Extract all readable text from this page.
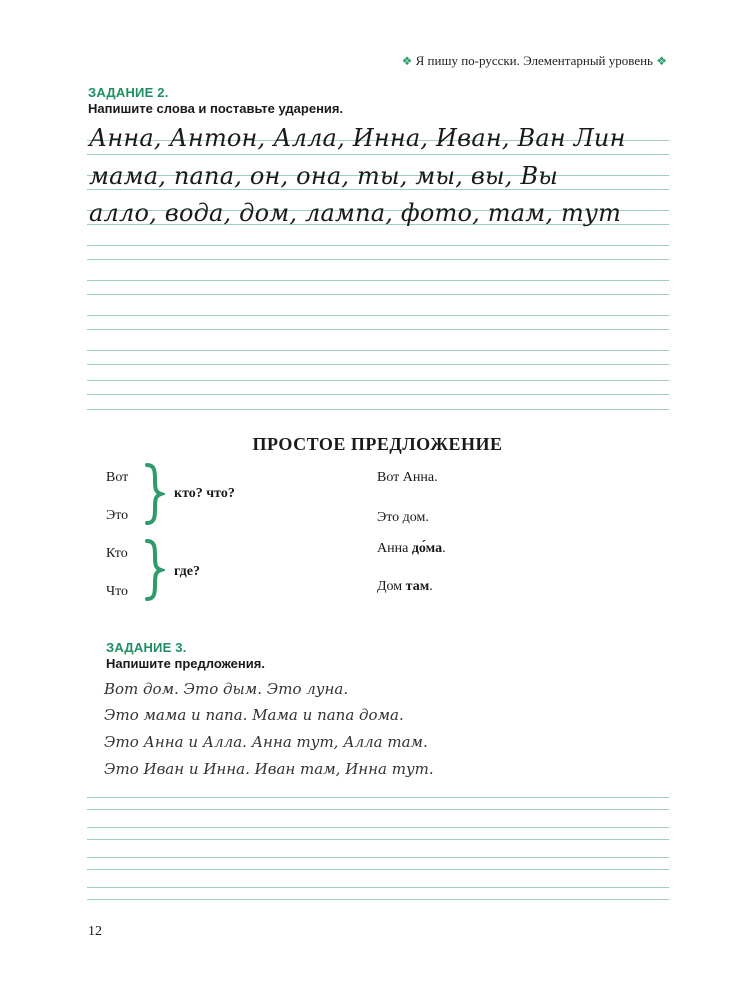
❖ Я пишу по-русски. Элементарный уровень ❖
ЗАДАНИЕ 2.
Напишите слова и поставьте ударения.
Анна, Антон, Алла, Инна, Иван, Ван Лин
мама, папа, он, она, ты, мы, вы, Вы
алло, вода, дом, лампа, фото, там, тут
ПРОСТОЕ ПРЕДЛОЖЕНИЕ
Вот
Это
кто? что?
Вот Анна.
Это дом.
Кто
Что
где?
Анна до́ма.
Дом там.
ЗАДАНИЕ 3.
Напишите предложения.
Вот дом. Это дым. Это луна.
Это мама и папа. Мама и папа дома.
Это Анна и Алла. Анна тут, Алла там.
Это Иван и Инна. Иван там, Инна тут.
12
